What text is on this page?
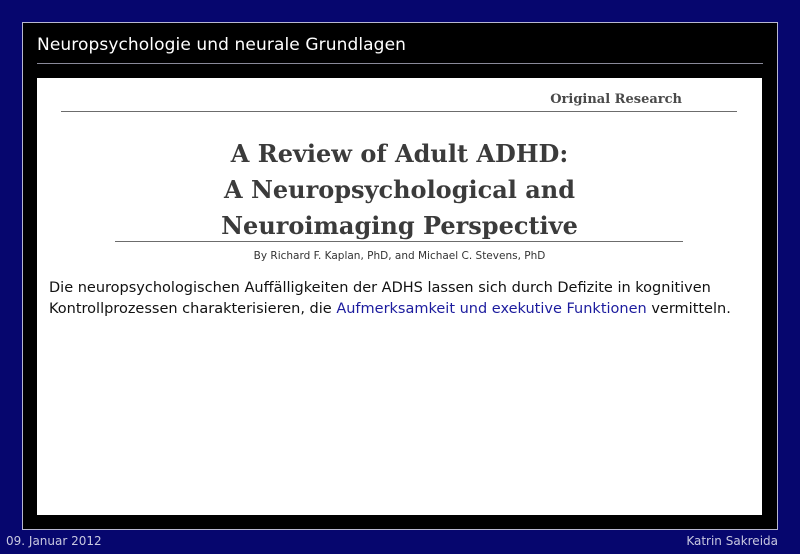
Neuropsychologie und neurale Grundlagen
Original Research
A Review of Adult ADHD:
A Neuropsychological and
Neuroimaging Perspective
By Richard F. Kaplan, PhD, and Michael C. Stevens, PhD
Die neuropsychologischen Auffälligkeiten der ADHS lassen sich durch Defizite in kognitiven Kontrollprozessen charakterisieren, die Aufmerksamkeit und exekutive Funktionen vermitteln.
09. Januar 2012	Katrin Sakreida
